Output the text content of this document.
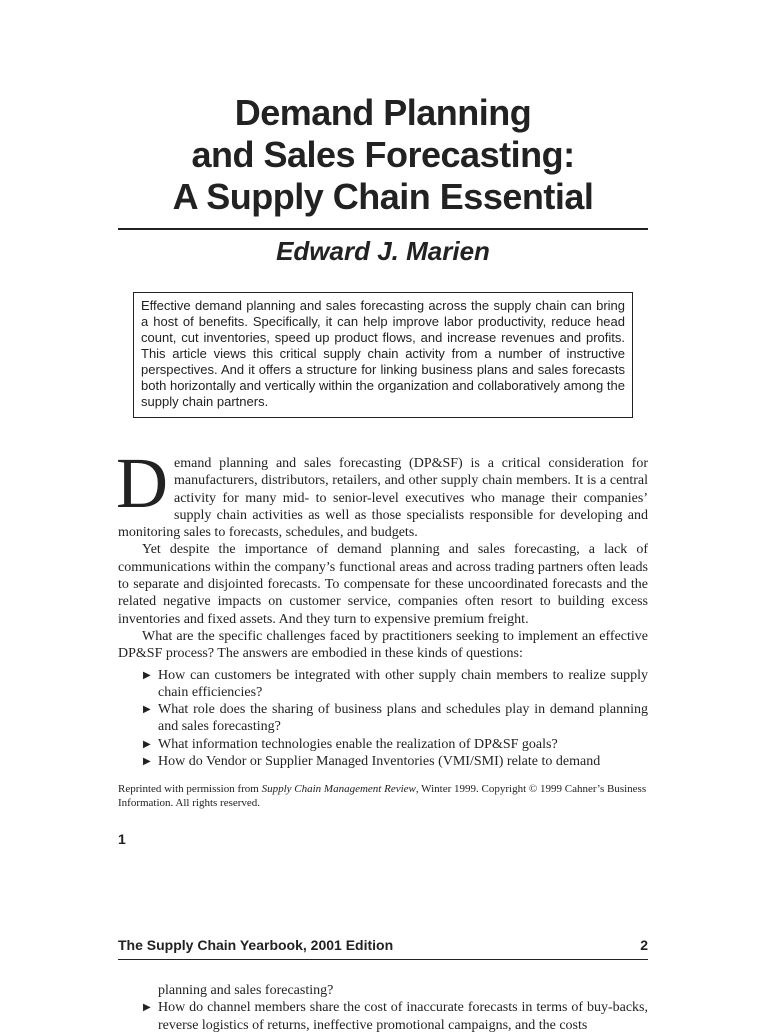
Demand Planning
and Sales Forecasting:
A Supply Chain Essential
Edward J. Marien
Effective demand planning and sales forecasting across the supply chain can bring a host of benefits. Specifically, it can help improve labor productivity, reduce head count, cut inventories, speed up product flows, and increase revenues and profits. This article views this critical supply chain activity from a number of instructive perspectives. And it offers a structure for linking business plans and sales forecasts both horizontally and vertically within the organization and collaboratively among the supply chain partners.

Demand planning and sales forecasting (DP&SF) is a critical consideration for manufacturers, distributors, retailers, and other supply chain members. It is a central activity for many mid- to senior-level executives who manage their companies’ supply chain activities as well as those specialists responsible for developing and monitoring sales to forecasts, schedules, and budgets.

Yet despite the importance of demand planning and sales forecasting, a lack of communications within the company’s functional areas and across trading partners often leads to separate and disjointed forecasts. To compensate for these uncoordinated forecasts and the related negative impacts on customer service, companies often resort to building excess inventories and fixed assets. And they turn to expensive premium freight.

What are the specific challenges faced by practitioners seeking to implement an effective DP&SF process? The answers are embodied in these kinds of questions:

▶ How can customers be integrated with other supply chain members to realize supply chain efficiencies?
▶ What role does the sharing of business plans and schedules play in demand planning and sales forecasting?
▶ What information technologies enable the realization of DP&SF goals?
▶ How do Vendor or Supplier Managed Inventories (VMI/SMI) relate to demand
Reprinted with permission from Supply Chain Management Review, Winter 1999. Copyright © 1999 Cahner’s Business Information. All rights reserved.
1
The Supply Chain Yearbook, 2001 Edition	2
planning and sales forecasting?
▶ How do channel members share the cost of inaccurate forecasts in terms of buy-backs, reverse logistics of returns, ineffective promotional campaigns, and the costs
